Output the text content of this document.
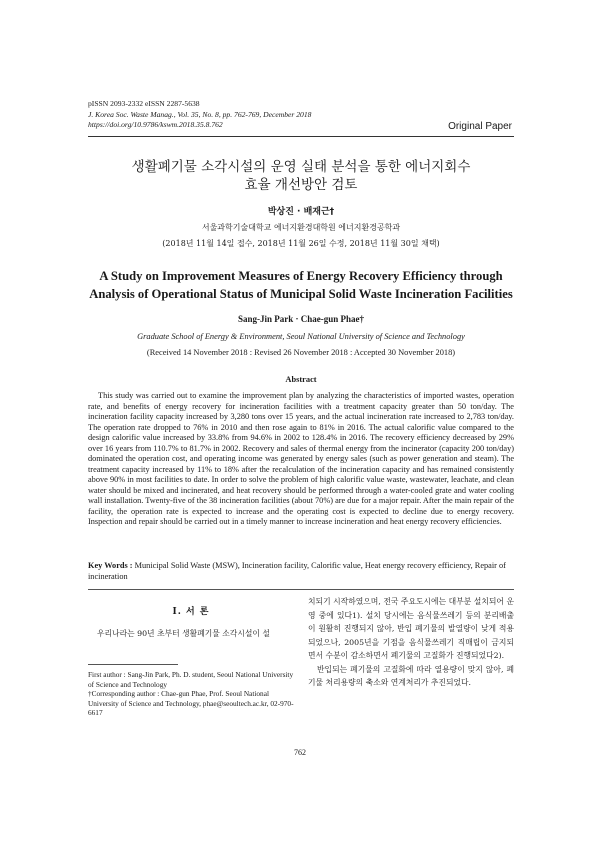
pISSN 2093-2332 eISSN 2287-5638
J. Korea Soc. Waste Manag., Vol. 35, No. 8, pp. 762-769, December 2018
https://doi.org/10.9786/kswm.2018.35.8.762	Original Paper
생활폐기물 소각시설의 운영 실태 분석을 통한 에너지회수
효율 개선방안 검토
박상진 · 배재근†
서울과학기술대학교 에너지환경대학원 에너지환경공학과
(2018년 11월 14일 접수, 2018년 11월 26일 수정, 2018년 11월 30일 채택)
A Study on Improvement Measures of Energy Recovery Efficiency through
Analysis of Operational Status of Municipal Solid Waste Incineration Facilities
Sang-Jin Park · Chae-gun Phae†
Graduate School of Energy & Environment, Seoul National University of Science and Technology
(Received 14 November 2018 : Revised 26 November 2018 : Accepted 30 November 2018)
Abstract
This study was carried out to examine the improvement plan by analyzing the characteristics of imported wastes, operation rate, and benefits of energy recovery for incineration facilities with a treatment capacity greater than 50 ton/day. The incineration facility capacity increased by 3,280 tons over 15 years, and the actual incineration rate increased to 2,783 ton/day. The operation rate dropped to 76% in 2010 and then rose again to 81% in 2016. The actual calorific value compared to the design calorific value increased by 33.8% from 94.6% in 2002 to 128.4% in 2016. The recovery efficiency decreased by 29% over 16 years from 110.7% to 81.7% in 2002. Recovery and sales of thermal energy from the incinerator (capacity 200 ton/day) dominated the operation cost, and operating income was generated by energy sales (such as power generation and steam). The treatment capacity increased by 11% to 18% after the recalculation of the incineration capacity and has remained consistently above 90% in most facilities to date. In order to solve the problem of high calorific value waste, wastewater, leachate, and clean water should be mixed and incinerated, and heat recovery should be performed through a water-cooled grate and water cooling wall installation. Twenty-five of the 38 incineration facilities (about 70%) are due for a major repair. After the main repair of the facility, the operation rate is expected to increase and the operating cost is expected to decline due to energy recovery. Inspection and repair should be carried out in a timely manner to increase incineration and heat energy recovery efficiencies.
Key Words : Municipal Solid Waste (MSW), Incineration facility, Calorific value, Heat energy recovery efficiency, Repair of incineration
I. 서 론

우리나라는 90년 초부터 생활폐기물 소각시설이 설

First author : Sang-Jin Park, Ph. D. student, Seoul National University of Science and Technology

†Corresponding author : Chae-gun Phae, Prof. Seoul National University of Science and Technology, phae@seoultech.ac.kr, 02-970-6617

치되기 시작하였으며, 전국 주요도시에는 대부분 설치되어 운영 중에 있다1). 설치 당시에는 음식물쓰레기 등의 분리배출이 원활히 진행되지 않아, 반입 폐기물의 발열량이 낮게 적용되었으나, 2005년을 기점을 음식물쓰레기 직매립이 금지되면서 수분이 감소하면서 폐기물의 고질화가 진행되었다2).

반입되는 폐기물의 고질화에 따라 열용량이 맞지 않아, 폐기물 처리용량의 축소와 연계처리가 추진되었다.

762
